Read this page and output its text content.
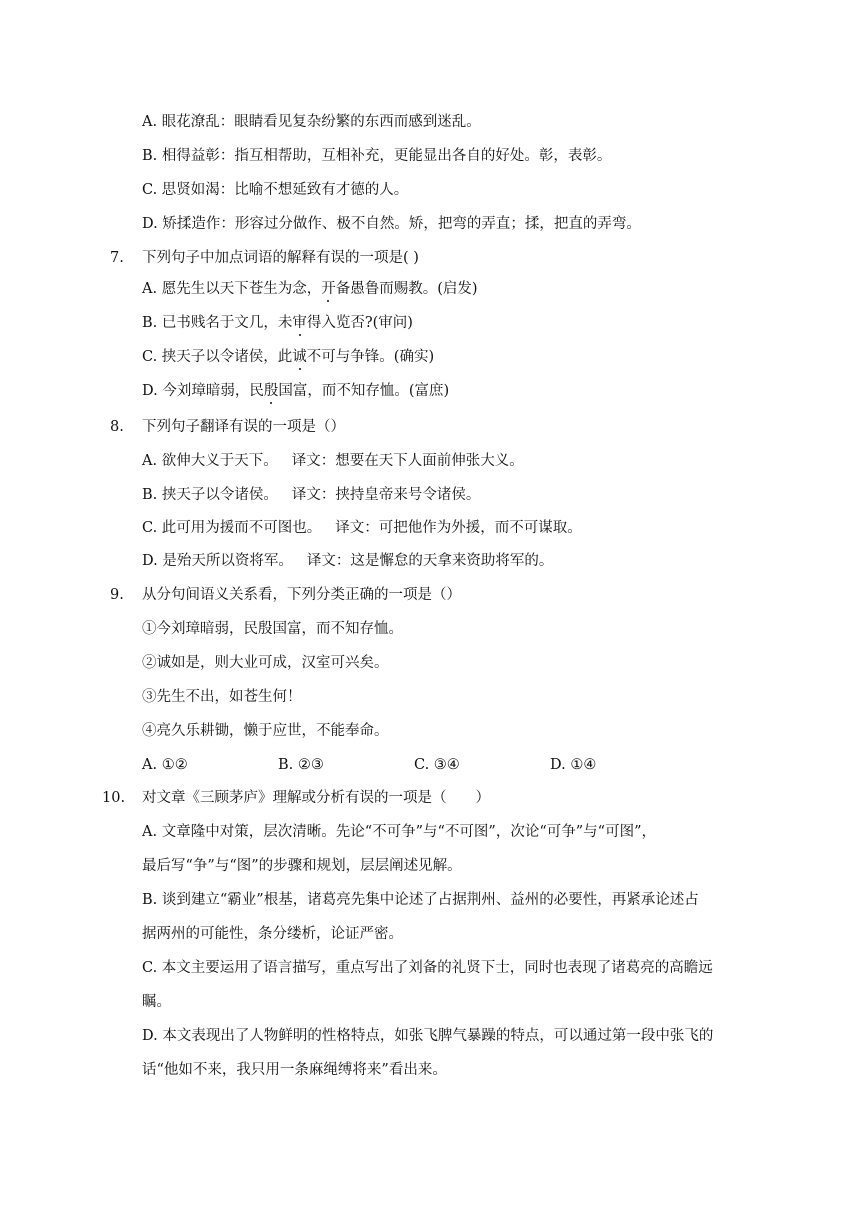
A. 眼花潦乱：眼睛看见复杂纷繁的东西而感到迷乱。
B. 相得益彰：指互相帮助，互相补充，更能显出各自的好处。彰，表彰。
C. 思贤如渴：比喻不想延致有才德的人。
D. 矫揉造作：形容过分做作、极不自然。矫，把弯的弄直；揉，把直的弄弯。
7. 下列句子中加点词语的解释有误的一项是( )
A. 愿先生以天下苍生为念，开备愚鲁而赐教。(启发)
B. 已书贱名于文几，未审得入览否?(审问)
C. 挟天子以令诸侯，此诚不可与争锋。(确实)
D. 今刘璋暗弱，民殷国富，而不知存恤。(富庶)
8. 下列句子翻译有误的一项是（）
A. 欲伸大义于天下。 译文：想要在天下人面前伸张大义。
B. 挟天子以令诸侯。 译文：挟持皇帝来号令诸侯。
C. 此可用为援而不可图也。 译文：可把他作为外援，而不可谋取。
D. 是殆天所以资将军。 译文：这是懈怠的天拿来资助将军的。
9. 从分句间语义关系看，下列分类正确的一项是（）
①今刘璋暗弱，民殷国富，而不知存恤。
②诚如是，则大业可成，汉室可兴矣。
③先生不出，如苍生何！
④亮久乐耕锄，懒于应世，不能奉命。
A. ①②	B. ②③	C. ③④	D. ①④
10. 对文章《三顾茅庐》理解或分析有误的一项是（　　）
A. 文章隆中对策，层次清晰。先论“不可争”与“不可图”，次论“可争”与“可图”，
最后写“争”与“图”的步骤和规划，层层阐述见解。
B. 谈到建立“霸业”根基，诸葛亮先集中论述了占据荆州、益州的必要性，再紧承论述占
据两州的可能性，条分缕析，论证严密。
C. 本文主要运用了语言描写，重点写出了刘备的礼贤下士，同时也表现了诸葛亮的高瞻远
瞩。
D. 本文表现出了人物鲜明的性格特点，如张飞脾气暴躁的特点，可以通过第一段中张飞的
话“他如不来，我只用一条麻绳缚将来”看出来。
